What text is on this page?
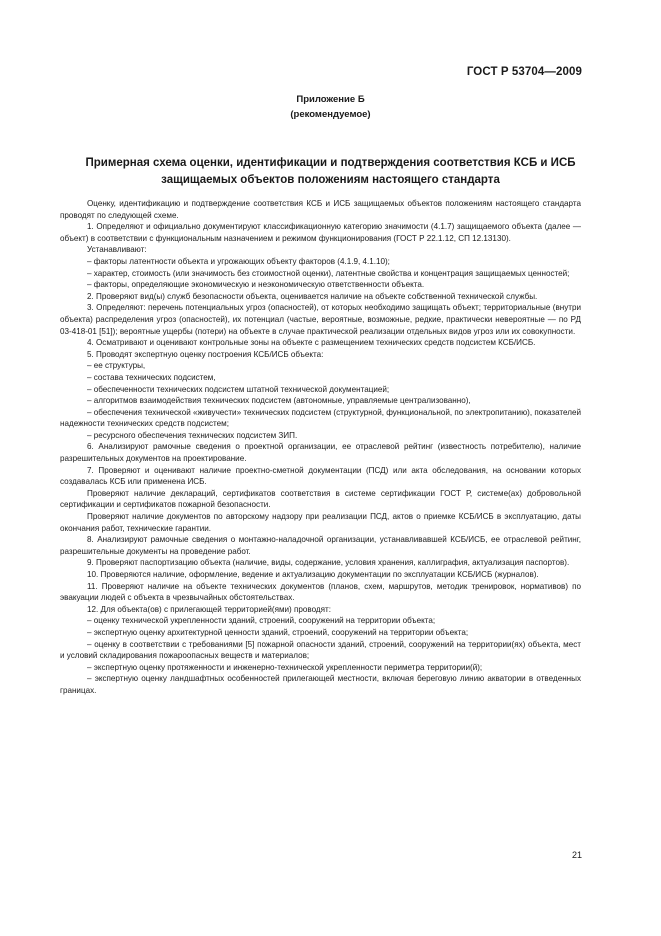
ГОСТ Р 53704—2009
Приложение Б
(рекомендуемое)
Примерная схема оценки, идентификации и подтверждения соответствия КСБ и ИСБ
защищаемых объектов положениям настоящего стандарта

Оценку, идентификацию и подтверждение соответствия КСБ и ИСБ защищаемых объектов положениям настоящего стандарта проводят по следующей схеме.

1. Определяют и официально документируют классификационную категорию значимости (4.1.7) защищаемого объекта (далее — объект) в соответствии с функциональным назначением и режимом функционирования (ГОСТ Р 22.1.12, СП 12.13130).

Устанавливают:

– факторы латентности объекта и угрожающих объекту факторов (4.1.9, 4.1.10);

– характер, стоимость (или значимость без стоимостной оценки), латентные свойства и концентрация защищаемых ценностей;

– факторы, определяющие экономическую и неэкономическую ответственности объекта.

2. Проверяют вид(ы) служб безопасности объекта, оценивается наличие на объекте собственной технической службы.

3. Определяют: перечень потенциальных угроз (опасностей), от которых необходимо защищать объект; территориальные (внутри объекта) распределения угроз (опасностей), их потенциал (частые, вероятные, возможные, редкие, практически невероятные — по РД 03-418-01 [51]); вероятные ущербы (потери) на объекте в случае практической реализации отдельных видов угроз или их совокупности.

4. Осматривают и оценивают контрольные зоны на объекте с размещением технических средств подсистем КСБ/ИСБ.

5. Проводят экспертную оценку построения КСБ/ИСБ объекта:

– ее структуры,

– состава технических подсистем,

– обеспеченности технических подсистем штатной технической документацией;

– алгоритмов взаимодействия технических подсистем (автономные, управляемые централизованно),

– обеспечения технической «живучести» технических подсистем (структурной, функциональной, по электропитанию), показателей надежности технических средств подсистем;

– ресурсного обеспечения технических подсистем ЗИП.

6. Анализируют рамочные сведения о проектной организации, ее отраслевой рейтинг (известность потребителю), наличие разрешительных документов на проектирование.

7. Проверяют и оценивают наличие проектно-сметной документации (ПСД) или акта обследования, на основании которых создавалась КСБ или применена ИСБ.

Проверяют наличие деклараций, сертификатов соответствия в системе сертификации ГОСТ Р, системе(ах) добровольной сертификации и сертификатов пожарной безопасности.

Проверяют наличие документов по авторскому надзору при реализации ПСД, актов о приемке КСБ/ИСБ в эксплуатацию, даты окончания работ, технические гарантии.

8. Анализируют рамочные сведения о монтажно-наладочной организации, устанавливавшей КСБ/ИСБ, ее отраслевой рейтинг, разрешительные документы на проведение работ.

9. Проверяют паспортизацию объекта (наличие, виды, содержание, условия хранения, каллиграфия, актуализация паспортов).

10. Проверяются наличие, оформление, ведение и актуализацию документации по эксплуатации КСБ/ИСБ (журналов).

11. Проверяют наличие на объекте технических документов (планов, схем, маршрутов, методик тренировок, нормативов) по эвакуации людей с объекта в чрезвычайных обстоятельствах.

12. Для объекта(ов) с прилегающей территорией(ями) проводят:

– оценку технической укрепленности зданий, строений, сооружений на территории объекта;

– экспертную оценку архитектурной ценности зданий, строений, сооружений на территории объекта;

– оценку в соответствии с требованиями [5] пожарной опасности зданий, строений, сооружений на территории(ях) объекта, мест и условий складирования пожароопасных веществ и материалов;

– экспертную оценку протяженности и инженерно-технической укрепленности периметра территории(й);

– экспертную оценку ландшафтных особенностей прилегающей местности, включая береговую линию акватории в отведенных границах.

21
